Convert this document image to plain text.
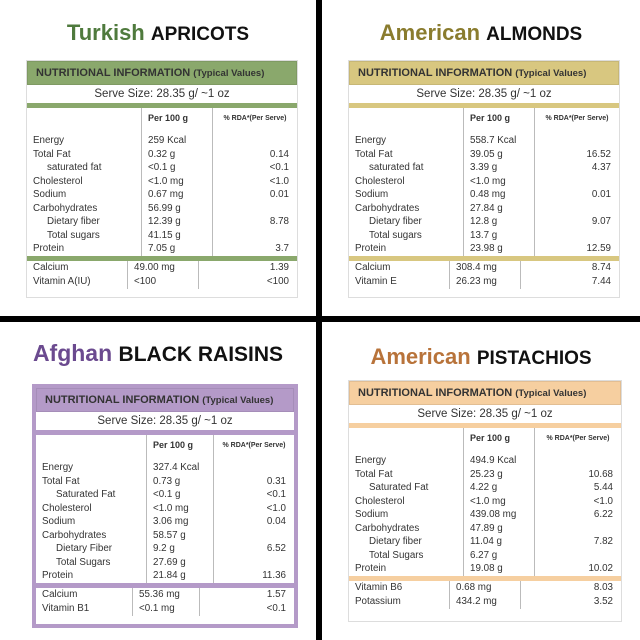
Turkish APRICOTS
NUTRITIONAL INFORMATION (Typical Values)
Serve Size: 28.35 g/ ~1 oz
	Per 100 g	% RDA*(Per Serve)
Energy	259 Kcal	
Total Fat	0.32 g	0.14
saturated fat	<0.1 g	<0.1
Cholesterol	<1.0 mg	<1.0
Sodium	0.67 mg	0.01
Carbohydrates	56.99 g	
Dietary fiber	12.39 g	8.78
Total sugars	41.15 g	
Protein	7.05 g	3.7
Calcium	49.00 mg	1.39
Vitamin A(IU)	<100	<100
American ALMONDS
NUTRITIONAL INFORMATION (Typical Values)
Serve Size: 28.35 g/ ~1 oz
	Per 100 g	% RDA*(Per Serve)
Energy	558.7 Kcal	
Total Fat	39.05 g	16.52
saturated fat	3.39 g	4.37
Cholesterol	<1.0 mg	
Sodium	0.48 mg	0.01
Carbohydrates	27.84 g	
Dietary fiber	12.8 g	9.07
Total sugars	13.7 g	
Protein	23.98 g	12.59
Calcium	308.4 mg	8.74
Vitamin E	26.23 mg	7.44
Afghan BLACK RAISINS
NUTRITIONAL INFORMATION (Typical Values)
Serve Size: 28.35 g/ ~1 oz
	Per 100 g	% RDA*(Per Serve)
Energy	327.4 Kcal	
Total Fat	0.73 g	0.31
Saturated Fat	<0.1 g	<0.1
Cholesterol	<1.0 mg	<1.0
Sodium	3.06 mg	0.04
Carbohydrates	58.57 g	
Dietary Fiber	9.2 g	6.52
Total Sugars	27.69 g	
Protein	21.84 g	11.36
Calcium	55.36 mg	1.57
Vitamin B1	<0.1 mg	<0.1
American PISTACHIOS
NUTRITIONAL INFORMATION (Typical Values)
Serve Size: 28.35 g/ ~1 oz
	Per 100 g	% RDA*(Per Serve)
Energy	494.9 Kcal	
Total Fat	25.23 g	10.68
Saturated Fat	4.22 g	5.44
Cholesterol	<1.0 mg	<1.0
Sodium	439.08 mg	6.22
Carbohydrates	47.89 g	
Dietary fiber	11.04 g	7.82
Total Sugars	6.27 g	
Protein	19.08 g	10.02
Vitamin B6	0.68 mg	8.03
Potassium	434.2 mg	3.52
